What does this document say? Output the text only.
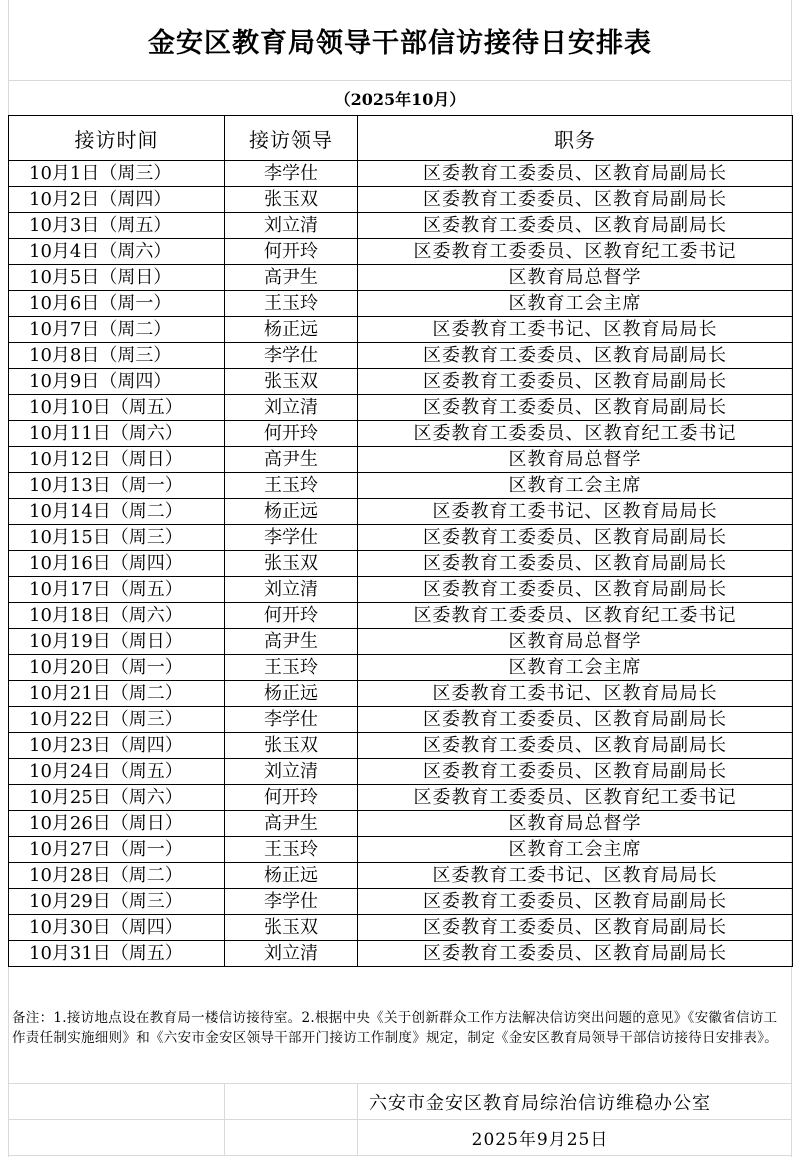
金安区教育局领导干部信访接待日安排表
（2025年10月）
接访时间	接访领导	职务
10月1日（周三）	李学仕	区委教育工委委员、区教育局副局长
10月2日（周四）	张玉双	区委教育工委委员、区教育局副局长
10月3日（周五）	刘立清	区委教育工委委员、区教育局副局长
10月4日（周六）	何开玲	区委教育工委委员、区教育纪工委书记
10月5日（周日）	高尹生	区教育局总督学
10月6日（周一）	王玉玲	区教育工会主席
10月7日（周二）	杨正远	区委教育工委书记、区教育局局长
10月8日（周三）	李学仕	区委教育工委委员、区教育局副局长
10月9日（周四）	张玉双	区委教育工委委员、区教育局副局长
10月10日（周五）	刘立清	区委教育工委委员、区教育局副局长
10月11日（周六）	何开玲	区委教育工委委员、区教育纪工委书记
10月12日（周日）	高尹生	区教育局总督学
10月13日（周一）	王玉玲	区教育工会主席
10月14日（周二）	杨正远	区委教育工委书记、区教育局局长
10月15日（周三）	李学仕	区委教育工委委员、区教育局副局长
10月16日（周四）	张玉双	区委教育工委委员、区教育局副局长
10月17日（周五）	刘立清	区委教育工委委员、区教育局副局长
10月18日（周六）	何开玲	区委教育工委委员、区教育纪工委书记
10月19日（周日）	高尹生	区教育局总督学
10月20日（周一）	王玉玲	区教育工会主席
10月21日（周二）	杨正远	区委教育工委书记、区教育局局长
10月22日（周三）	李学仕	区委教育工委委员、区教育局副局长
10月23日（周四）	张玉双	区委教育工委委员、区教育局副局长
10月24日（周五）	刘立清	区委教育工委委员、区教育局副局长
10月25日（周六）	何开玲	区委教育工委委员、区教育纪工委书记
10月26日（周日）	高尹生	区教育局总督学
10月27日（周一）	王玉玲	区教育工会主席
10月28日（周二）	杨正远	区委教育工委书记、区教育局局长
10月29日（周三）	李学仕	区委教育工委委员、区教育局副局长
10月30日（周四）	张玉双	区委教育工委委员、区教育局副局长
10月31日（周五）	刘立清	区委教育工委委员、区教育局副局长
备注：1.接访地点设在教育局一楼信访接待室。2.根据中央《关于创新群众工作方法解决信访突出问题的意见》《安徽省信访工作责任制实施细则》和《六安市金安区领导干部开门接访工作制度》规定，制定《金安区教育局领导干部信访接待日安排表》。
六安市金安区教育局综治信访维稳办公室
2025年9月25日
